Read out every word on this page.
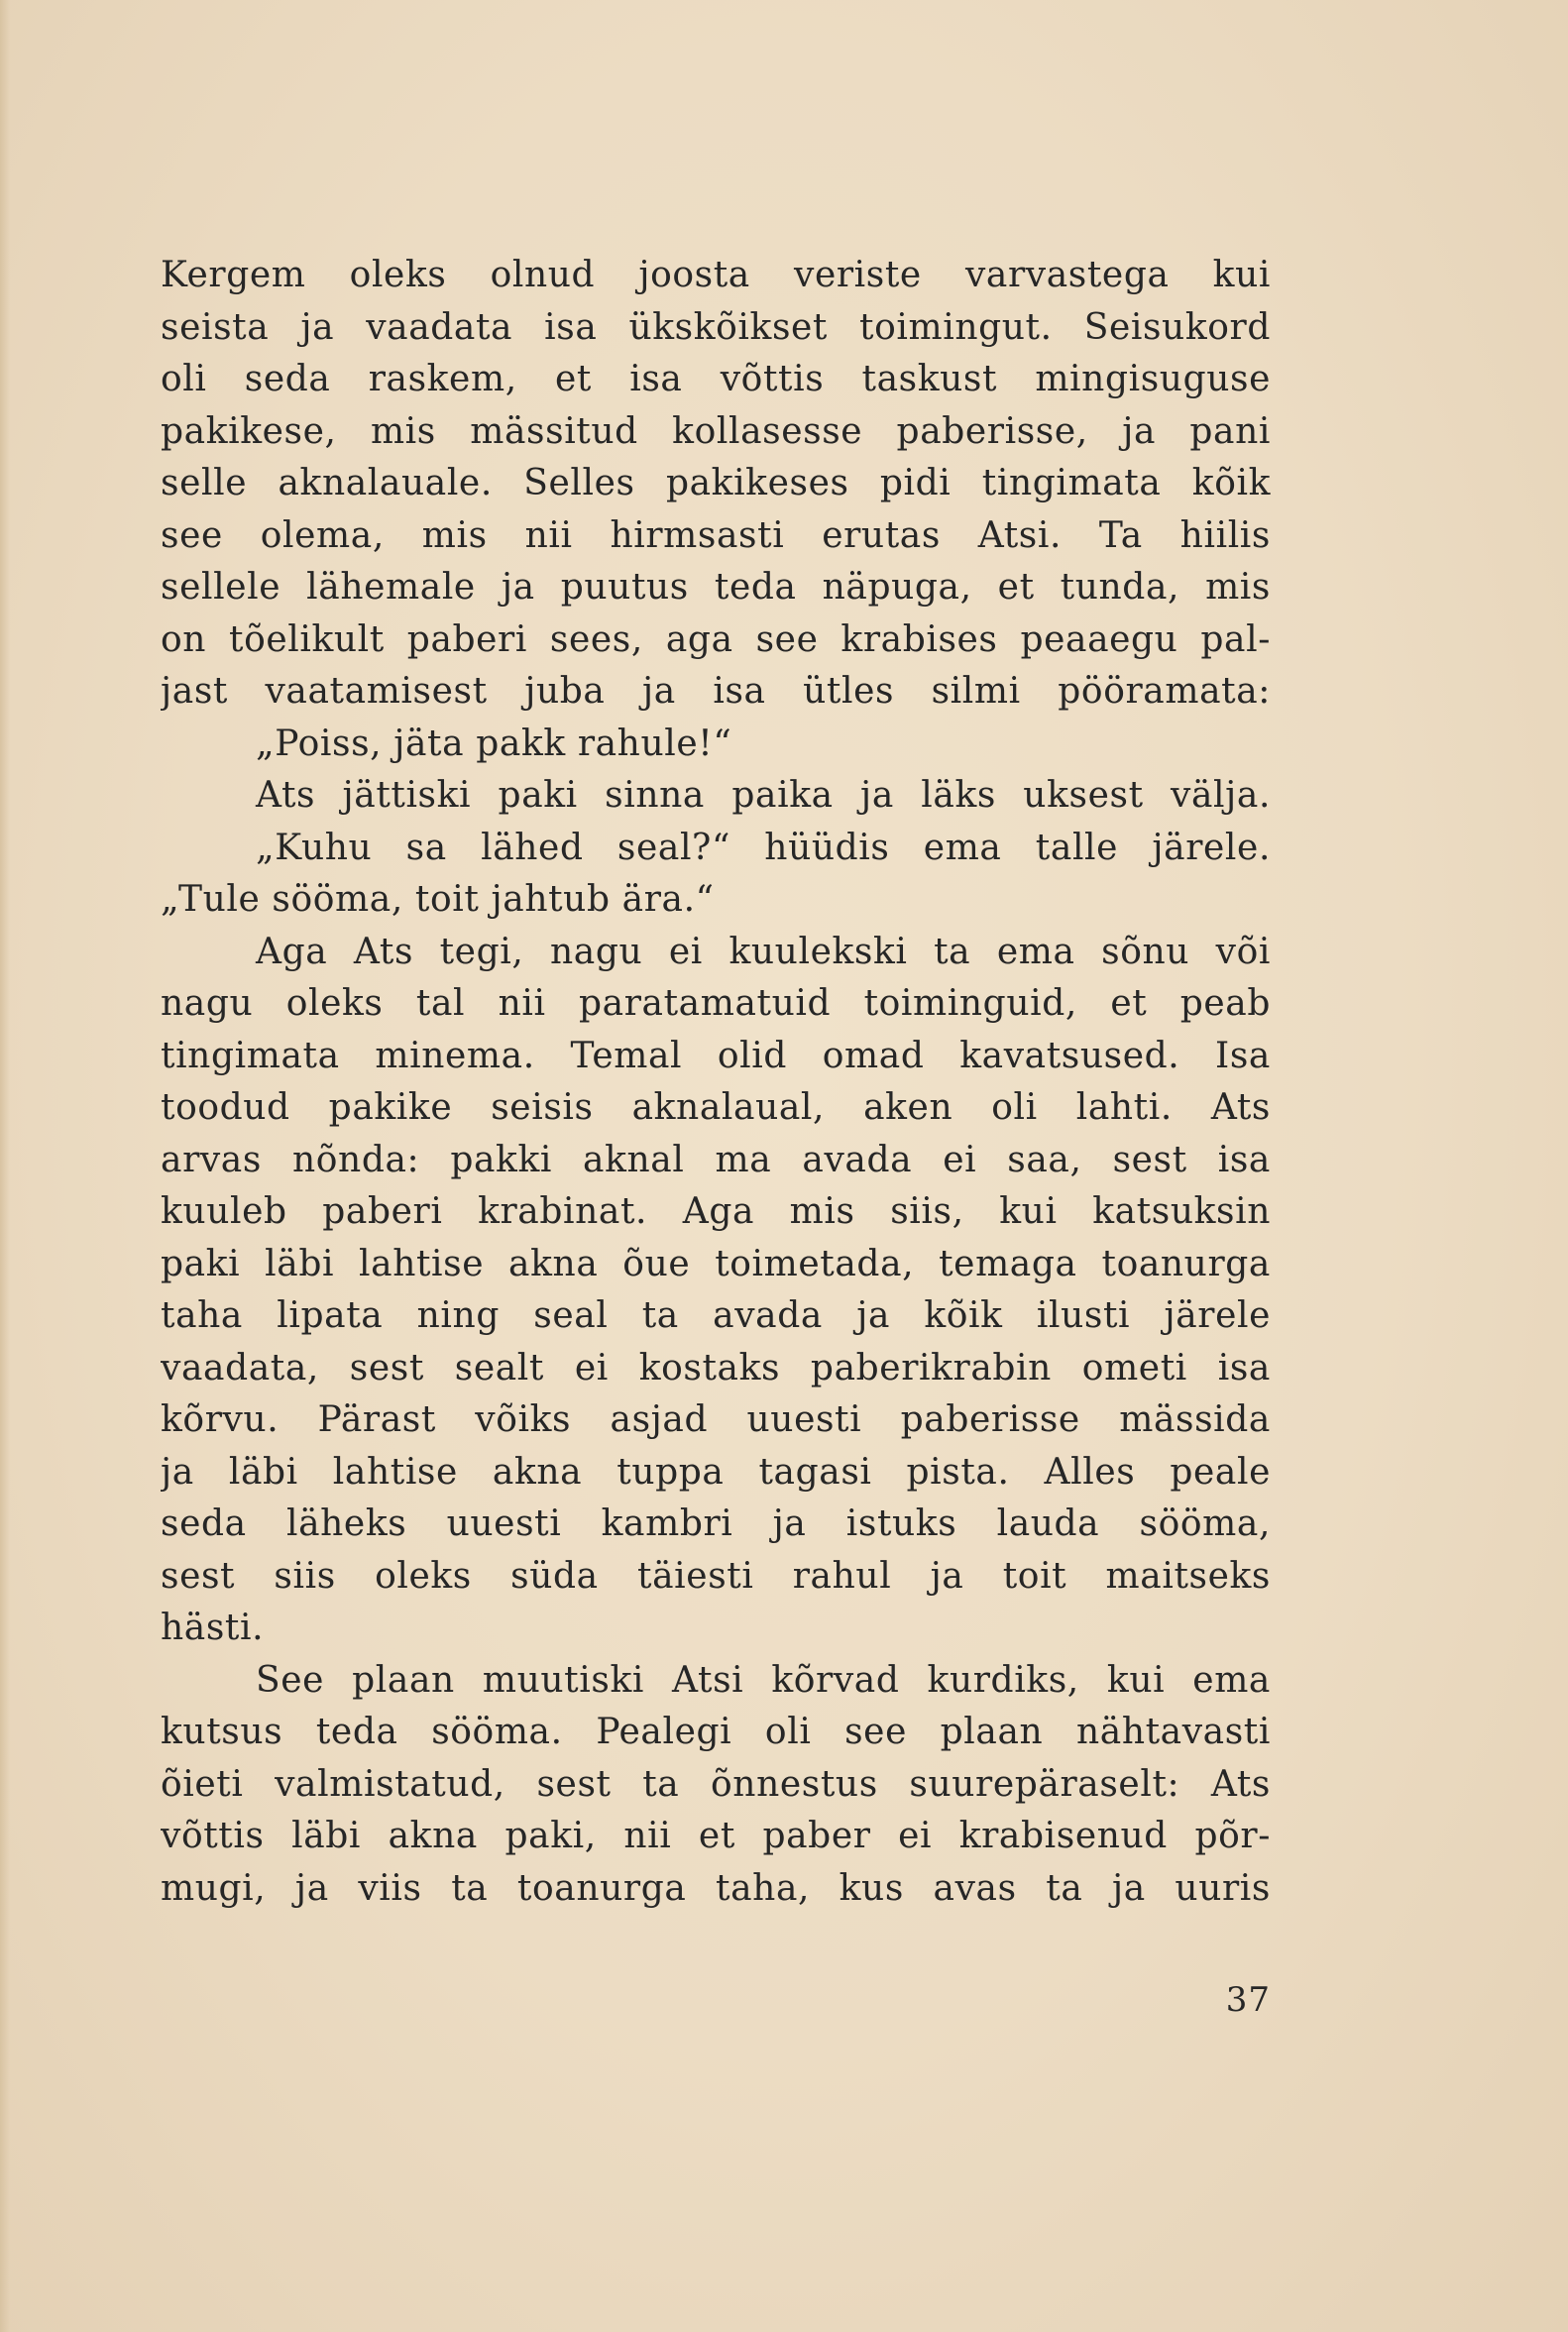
Kergem oleks olnud joosta veriste varvastega kui
seista ja vaadata isa ükskõikset toimingut. Seisukord
oli seda raskem, et isa võttis taskust mingisuguse
pakikese, mis mässitud kollasesse paberisse, ja pani
selle aknalauale. Selles pakikeses pidi tingimata kõik
see olema, mis nii hirmsasti erutas Atsi. Ta hiilis
sellele lähemale ja puutus teda näpuga, et tunda, mis
on tõelikult paberi sees, aga see krabises peaaegu pal-
jast vaatamisest juba ja isa ütles silmi pööramata:
„Poiss, jäta pakk rahule!“
Ats jättiski paki sinna paika ja läks uksest välja.
„Kuhu sa lähed seal?“ hüüdis ema talle järele.
„Tule sööma, toit jahtub ära.“
Aga Ats tegi, nagu ei kuulekski ta ema sõnu või
nagu oleks tal nii paratamatuid toiminguid, et peab
tingimata minema. Temal olid omad kavatsused. Isa
toodud pakike seisis aknalaual, aken oli lahti. Ats
arvas nõnda: pakki aknal ma avada ei saa, sest isa
kuuleb paberi krabinat. Aga mis siis, kui katsuksin
paki läbi lahtise akna õue toimetada, temaga toanurga
taha lipata ning seal ta avada ja kõik ilusti järele
vaadata, sest sealt ei kostaks paberikrabin ometi isa
kõrvu. Pärast võiks asjad uuesti paberisse mässida
ja läbi lahtise akna tuppa tagasi pista. Alles peale
seda läheks uuesti kambri ja istuks lauda sööma,
sest siis oleks süda täiesti rahul ja toit maitseks
hästi.
See plaan muutiski Atsi kõrvad kurdiks, kui ema
kutsus teda sööma. Pealegi oli see plaan nähtavasti
õieti valmistatud, sest ta õnnestus suurepäraselt: Ats
võttis läbi akna paki, nii et paber ei krabisenud põr-
mugi, ja viis ta toanurga taha, kus avas ta ja uuris
37
